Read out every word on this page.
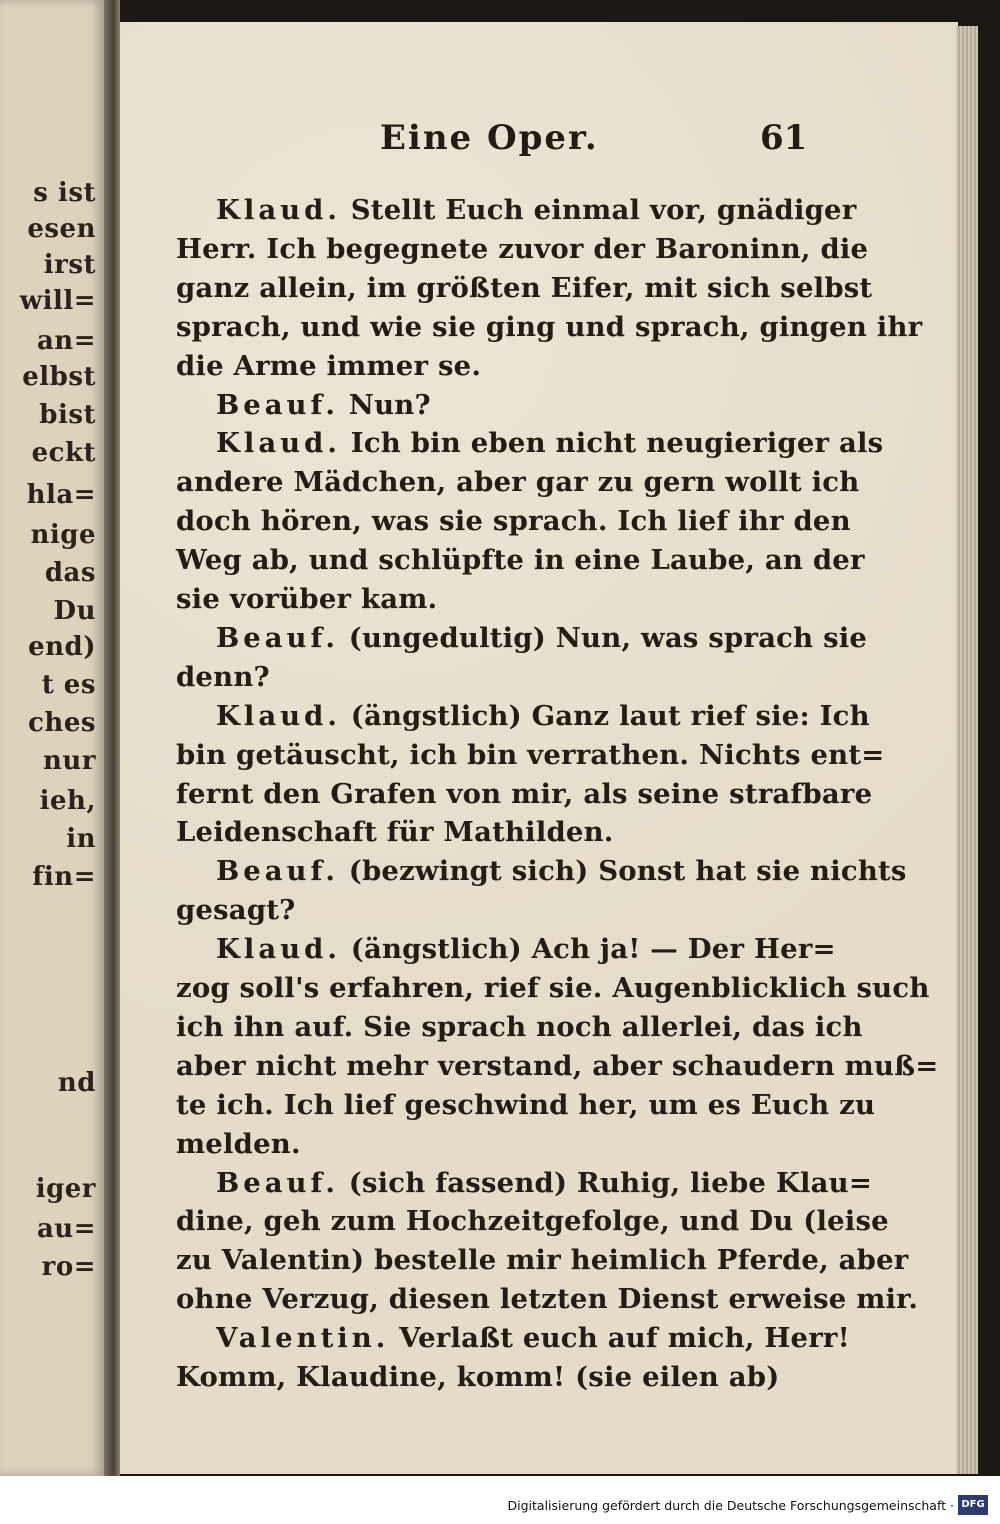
s ist
esen
irst
will=
an=
elbst
bist
eckt
hla=
nige
das
Du
end)
t es
ches
nur
ieh,
in
fin=
nd
iger
au=
ro=
Eine Oper.	61
Klaud. Stellt Euch einmal vor, gnädiger
Herr. Ich begegnete zuvor der Baroninn, die
ganz allein, im größten Eifer, mit sich selbst
sprach, und wie sie ging und sprach, gingen ihr
die Arme immer se.
Beauf. Nun?
Klaud. Ich bin eben nicht neugieriger als
andere Mädchen, aber gar zu gern wollt ich
doch hören, was sie sprach. Ich lief ihr den
Weg ab, und schlüpfte in eine Laube, an der
sie vorüber kam.
Beauf. (ungedultig) Nun, was sprach sie
denn?
Klaud. (ängstlich) Ganz laut rief sie: Ich
bin getäuscht, ich bin verrathen. Nichts ent=
fernt den Grafen von mir, als seine strafbare
Leidenschaft für Mathilden.
Beauf. (bezwingt sich) Sonst hat sie nichts
gesagt?
Klaud. (ängstlich) Ach ja! — Der Her=
zog soll's erfahren, rief sie. Augenblicklich such
ich ihn auf. Sie sprach noch allerlei, das ich
aber nicht mehr verstand, aber schaudern muß=
te ich. Ich lief geschwind her, um es Euch zu
melden.
Beauf. (sich fassend) Ruhig, liebe Klau=
dine, geh zum Hochzeitgefolge, und Du (leise
zu Valentin) bestelle mir heimlich Pferde, aber
ohne Verzug, diesen letzten Dienst erweise mir.
Valentin. Verlaßt euch auf mich, Herr!
Komm, Klaudine, komm! (sie eilen ab)
Digitalisierung gefördert durch die Deutsche Forschungsgemeinschaft · DFG
